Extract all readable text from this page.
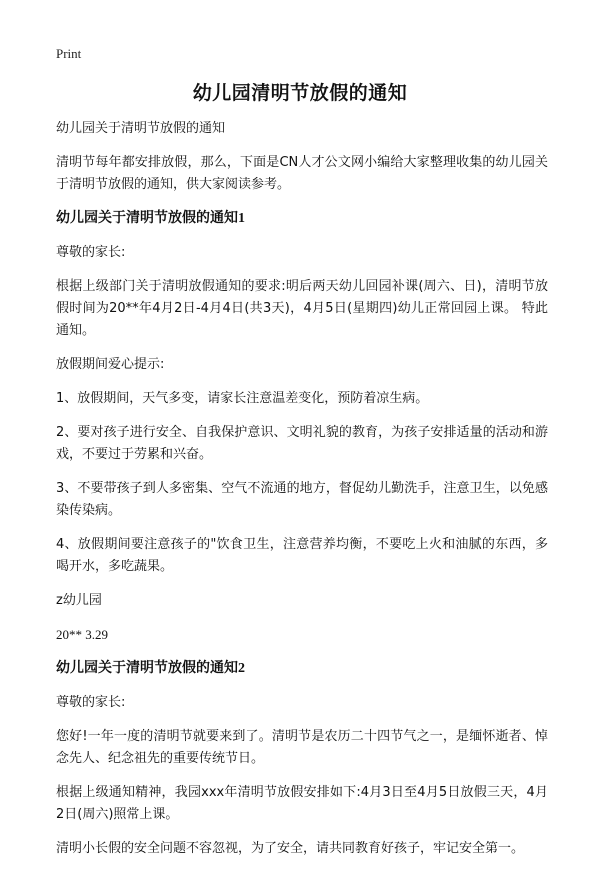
Print
幼儿园清明节放假的通知

幼儿园关于清明节放假的通知

清明节每年都安排放假，那么，下面是CN人才公文网小编给大家整理收集的幼儿园关于清明节放假的通知，供大家阅读参考。

幼儿园关于清明节放假的通知1

尊敬的家长:

根据上级部门关于清明放假通知的要求:明后两天幼儿回园补课(周六、日)，清明节放假时间为20**年4月2日-4月4日(共3天)，4月5日(星期四)幼儿正常回园上课。 特此通知。

放假期间爱心提示:

1、放假期间，天气多变，请家长注意温差变化，预防着凉生病。

2、要对孩子进行安全、自我保护意识、文明礼貌的教育，为孩子安排适量的活动和游戏，不要过于劳累和兴奋。

3、不要带孩子到人多密集、空气不流通的地方，督促幼儿勤洗手，注意卫生，以免感染传染病。

4、放假期间要注意孩子的"饮食卫生，注意营养均衡，不要吃上火和油腻的东西，多喝开水，多吃蔬果。

z幼儿园

20** 3.29

幼儿园关于清明节放假的通知2

尊敬的家长:

您好!一年一度的清明节就要来到了。清明节是农历二十四节气之一，是缅怀逝者、悼念先人、纪念祖先的重要传统节日。

根据上级通知精神，我园xxx年清明节放假安排如下:4月3日至4月5日放假三天，4月2日(周六)照常上课。

清明小长假的安全问题不容忽视，为了安全，请共同教育好孩子，牢记安全第一。
